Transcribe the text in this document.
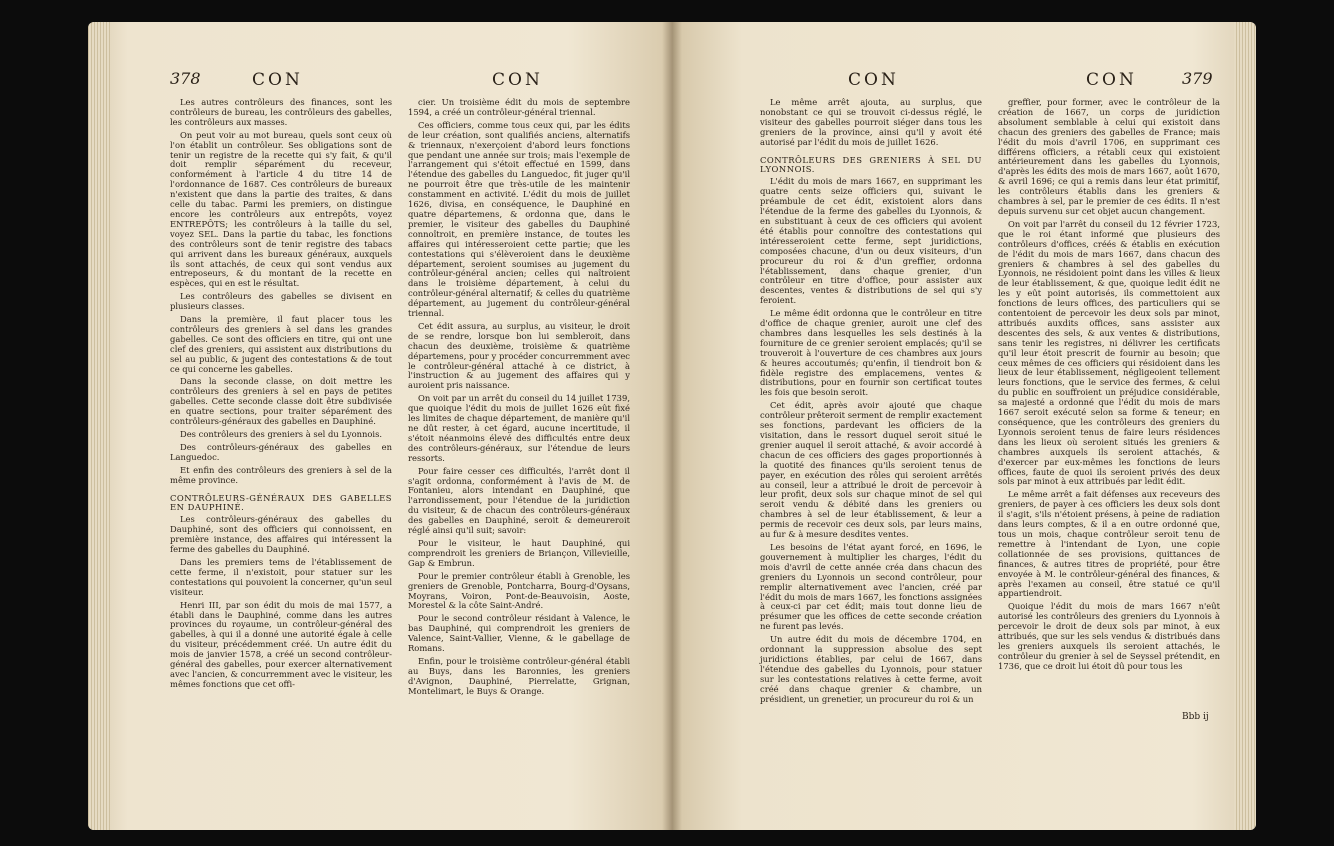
378	CON	CON

Les autres contrôleurs des finances, sont les contrôleurs de bureau, les contrôleurs des gabelles, les contrôleurs aux masses.

On peut voir au mot bureau, quels sont ceux où l'on établit un contrôleur. Ses obligations sont de tenir un registre de la recette qui s'y fait, & qu'il doit remplir séparément du receveur, conformément à l'article 4 du titre 14 de l'ordonnance de 1687. Ces contrôleurs de bureaux n'existent que dans la partie des traites, & dans celle du tabac. Parmi les premiers, on distingue encore les contrôleurs aux entrepôts, voyez ENTREPÔTS; les contrôleurs à la taille du sel, voyez SEL. Dans la partie du tabac, les fonctions des contrôleurs sont de tenir registre des tabacs qui arrivent dans les bureaux généraux, auxquels ils sont attachés, de ceux qui sont vendus aux entreposeurs, & du montant de la recette en espèces, qui en est le résultat.

Les contrôleurs des gabelles se divisent en plusieurs classes.

Dans la première, il faut placer tous les contrôleurs des greniers à sel dans les grandes gabelles. Ce sont des officiers en titre, qui ont une clef des greniers, qui assistent aux distributions du sel au public, & jugent des contestations & de tout ce qui concerne les gabelles.

Dans la seconde classe, on doit mettre les contrôleurs des greniers à sel en pays de petites gabelles. Cette seconde classe doit être subdivisée en quatre sections, pour traiter séparément des contrôleurs-généraux des gabelles en Dauphiné.

Des contrôleurs des greniers à sel du Lyonnois.

Des contrôleurs-généraux des gabelles en Languedoc.

Et enfin des contrôleurs des greniers à sel de la même province.

CONTRÔLEURS-GÉNÉRAUX DES GABELLES EN DAUPHINÉ.

Les contrôleurs-généraux des gabelles du Dauphiné, sont des officiers qui connoissent, en première instance, des affaires qui intéressent la ferme des gabelles du Dauphiné.

Dans les premiers tems de l'établissement de cette ferme, il n'existoit, pour statuer sur les contestations qui pouvoient la concerner, qu'un seul visiteur.

Henri III, par son édit du mois de mai 1577, a établi dans le Dauphiné, comme dans les autres provinces du royaume, un contrôleur-général des gabelles, à qui il a donné une autorité égale à celle du visiteur, précédemment créé. Un autre édit du mois de janvier 1578, a créé un second contrôleur-général des gabelles, pour exercer alternativement avec l'ancien, & concurremment avec le visiteur, les mêmes fonctions que cet offi-

cier. Un troisième édit du mois de septembre 1594, a créé un contrôleur-général triennal.

Ces officiers, comme tous ceux qui, par les édits de leur création, sont qualifiés anciens, alternatifs & triennaux, n'exerçoient d'abord leurs fonctions que pendant une année sur trois; mais l'exemple de l'arrangement qui s'étoit effectué en 1599, dans l'étendue des gabelles du Languedoc, fit juger qu'il ne pourroit être que très-utile de les maintenir constamment en activité. L'édit du mois de juillet 1626, divisa, en conséquence, le Dauphiné en quatre départemens, & ordonna que, dans le premier, le visiteur des gabelles du Dauphiné connoîtroit, en première instance, de toutes les affaires qui intéresseroient cette partie; que les contestations qui s'élèveroient dans le deuxième département, seroient soumises au jugement du contrôleur-général ancien; celles qui naîtroient dans le troisième département, à celui du contrôleur-général alternatif; & celles du quatrième département, au jugement du contrôleur-général triennal.

Cet édit assura, au surplus, au visiteur, le droit de se rendre, lorsque bon lui sembleroit, dans chacun des deuxième, troisième & quatrième départemens, pour y procéder concurremment avec le contrôleur-général attaché à ce district, à l'instruction & au jugement des affaires qui y auroient pris naissance.

On voit par un arrêt du conseil du 14 juillet 1739, que quoique l'édit du mois de juillet 1626 eût fixé les limites de chaque département, de manière qu'il ne dût rester, à cet égard, aucune incertitude, il s'étoit néanmoins élevé des difficultés entre deux des contrôleurs-généraux, sur l'étendue de leurs ressorts.

Pour faire cesser ces difficultés, l'arrêt dont il s'agit ordonna, conformément à l'avis de M. de Fontanieu, alors intendant en Dauphiné, que l'arrondissement, pour l'étendue de la juridiction du visiteur, & de chacun des contrôleurs-généraux des gabelles en Dauphiné, seroit & demeureroit réglé ainsi qu'il suit; savoir:

Pour le visiteur, le haut Dauphiné, qui comprendroit les greniers de Briançon, Villevieille, Gap & Embrun.

Pour le premier contrôleur établi à Grenoble, les greniers de Grenoble, Pontcharra, Bourg-d'Oysans, Moyrans, Voiron, Pont-de-Beauvoisin, Aoste, Morestel & la côte Saint-André.

Pour le second contrôleur résidant à Valence, le bas Dauphiné, qui comprendroit les greniers de Valence, Saint-Vallier, Vienne, & le gabellage de Romans.

Enfin, pour le troisième contrôleur-général établi au Buys, dans les Baronnies, les greniers d'Avignon, Dauphiné, Pierrelatte, Grignan, Montelimart, le Buys & Orange.

CON	CON	379

Le même arrêt ajouta, au surplus, que nonobstant ce qui se trouvoit ci-dessus réglé, le visiteur des gabelles pourroit siéger dans tous les greniers de la province, ainsi qu'il y avoit été autorisé par l'édit du mois de juillet 1626.

CONTRÔLEURS DES GRENIERS À SEL DU LYONNOIS.

L'édit du mois de mars 1667, en supprimant les quatre cents seize officiers qui, suivant le préambule de cet édit, existoient alors dans l'étendue de la ferme des gabelles du Lyonnois, & en substituant à ceux de ces officiers qui avoient été établis pour connoître des contestations qui intéresseroient cette ferme, sept juridictions, composées chacune, d'un ou deux visiteurs, d'un procureur du roi & d'un greffier, ordonna l'établissement, dans chaque grenier, d'un contrôleur en titre d'office, pour assister aux descentes, ventes & distributions de sel qui s'y feroient.

Le même édit ordonna que le contrôleur en titre d'office de chaque grenier, auroit une clef des chambres dans lesquelles les sels destinés à la fourniture de ce grenier seroient emplacés; qu'il se trouveroit à l'ouverture de ces chambres aux jours & heures accoutumés; qu'enfin, il tiendroit bon & fidèle registre des emplacemens, ventes & distributions, pour en fournir son certificat toutes les fois que besoin seroit.

Cet édit, après avoir ajouté que chaque contrôleur prêteroit serment de remplir exactement ses fonctions, pardevant les officiers de la visitation, dans le ressort duquel seroit situé le grenier auquel il seroit attaché, & avoir accordé à chacun de ces officiers des gages proportionnés à la quotité des finances qu'ils seroient tenus de payer, en exécution des rôles qui seroient arrêtés au conseil, leur a attribué le droit de percevoir à leur profit, deux sols sur chaque minot de sel qui seroit vendu & débité dans les greniers ou chambres à sel de leur établissement, & leur a permis de recevoir ces deux sols, par leurs mains, au fur & à mesure desdites ventes.

Les besoins de l'état ayant forcé, en 1696, le gouvernement à multiplier les charges, l'édit du mois d'avril de cette année créa dans chacun des greniers du Lyonnois un second contrôleur, pour remplir alternativement avec l'ancien, créé par l'édit du mois de mars 1667, les fonctions assignées à ceux-ci par cet édit; mais tout donne lieu de présumer que les offices de cette seconde création ne furent pas levés.

Un autre édit du mois de décembre 1704, en ordonnant la suppression absolue des sept juridictions établies, par celui de 1667, dans l'étendue des gabelles du Lyonnois, pour statuer sur les contestations relatives à cette ferme, avoit créé dans chaque grenier & chambre, un présidient, un grenetier, un procureur du roi & un

greffier, pour former, avec le contrôleur de la création de 1667, un corps de juridiction absolument semblable à celui qui existoit dans chacun des greniers des gabelles de France; mais l'édit du mois d'avril 1706, en supprimant ces différens officiers, a rétabli ceux qui existoient antérieurement dans les gabelles du Lyonnois, d'après les édits des mois de mars 1667, août 1670, & avril 1696; ce qui a remis dans leur état primitif, les contrôleurs établis dans les greniers & chambres à sel, par le premier de ces édits. Il n'est depuis survenu sur cet objet aucun changement.

On voit par l'arrêt du conseil du 12 février 1723, que le roi étant informé que plusieurs des contrôleurs d'offices, créés & établis en exécution de l'édit du mois de mars 1667, dans chacun des greniers & chambres à sel des gabelles du Lyonnois, ne résidoient point dans les villes & lieux de leur établissement, & que, quoique ledit édit ne les y eût point autorisés, ils commettoient aux fonctions de leurs offices, des particuliers qui se contentoient de percevoir les deux sols par minot, attribués auxdits offices, sans assister aux descentes des sels, & aux ventes & distributions, sans tenir les registres, ni délivrer les certificats qu'il leur étoit prescrit de fournir au besoin; que ceux mêmes de ces officiers qui résidoient dans les lieux de leur établissement, négligeoient tellement leurs fonctions, que le service des fermes, & celui du public en souffroient un préjudice considérable, sa majesté a ordonné que l'édit du mois de mars 1667 seroit exécuté selon sa forme & teneur; en conséquence, que les contrôleurs des greniers du Lyonnois seroient tenus de faire leurs résidences dans les lieux où seroient situés les greniers & chambres auxquels ils seroient attachés, & d'exercer par eux-mêmes les fonctions de leurs offices, faute de quoi ils seroient privés des deux sols par minot à eux attribués par ledit édit.

Le même arrêt a fait défenses aux receveurs des greniers, de payer à ces officiers les deux sols dont il s'agit, s'ils n'étoient présens, à peine de radiation dans leurs comptes, & il a en outre ordonné que, tous un mois, chaque contrôleur seroit tenu de remettre à l'intendant de Lyon, une copie collationnée de ses provisions, quittances de finances, & autres titres de propriété, pour être envoyée à M. le contrôleur-général des finances, & après l'examen au conseil, être statué ce qu'il appartiendroit.

Quoique l'édit du mois de mars 1667 n'eût autorisé les contrôleurs des greniers du Lyonnois à percevoir le droit de deux sols par minot, à eux attribués, que sur les sels vendus & distribués dans les greniers auxquels ils seroient attachés, le contrôleur du grenier à sel de Seyssel prétendit, en 1736, que ce droit lui étoit dû pour tous les

Bbb ij
